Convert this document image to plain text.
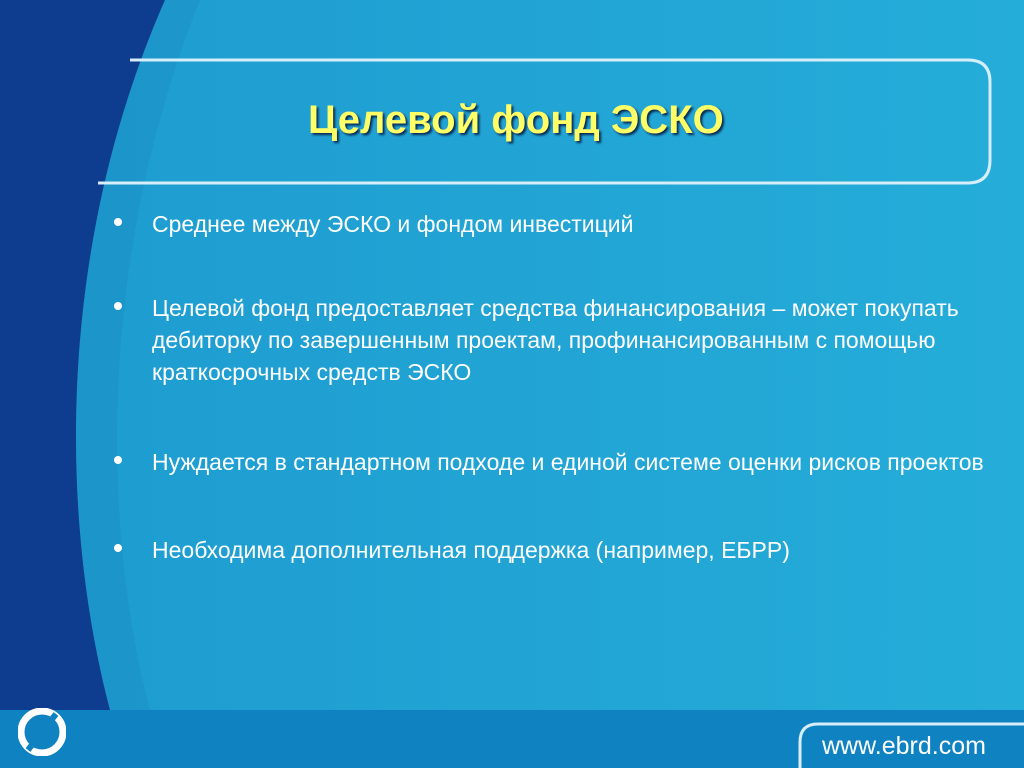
Целевой фонд ЭСКО
Среднее между ЭСКО и фондом инвестиций
Целевой фонд предоставляет средства финансирования – может покупать дебиторку по завершенным проектам, профинансированным с помощью краткосрочных средств ЭСКО
Нуждается в стандартном подходе и единой системе оценки рисков проектов
Необходима дополнительная поддержка (например, ЕБРР)
www.ebrd.com
